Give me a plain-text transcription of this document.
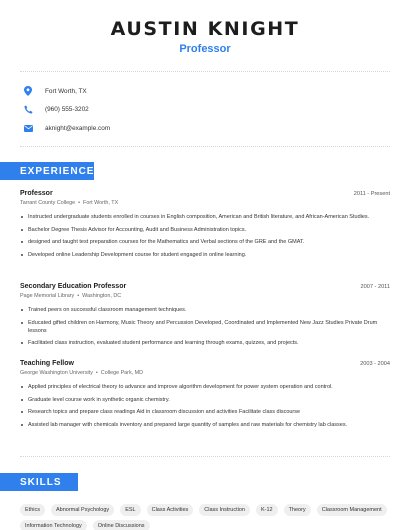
AUSTIN KNIGHT
Professor
Fort Worth, TX
(960) 555-3202
aknight@example.com
EXPERIENCE
Professor	2011 - Present
Tarrant County College • Fort Worth, TX
Instructed undergraduate students enrolled in courses in English composition, American and British literature, and African-American Studies.
Bachelor Degree Thesis Advisor for Accounting, Audit and Business Administration topics.
designed and taught test preparation courses for the Mathematics and Verbal sections of the GRE and the GMAT.
Developed online Leadership Development course for student engaged in online learning.
Secondary Education Professor	2007 - 2011
Page Memorial Library • Washington, DC
Trained peers on successful classroom management techniques.
Educated gifted children on Harmony, Music Theory and Percussion Developed, Coordinated and Implemented New Jazz Studies Private Drum lessons
Facilitated class instruction, evaluated student performance and learning through exams, quizzes, and projects.
Teaching Fellow	2003 - 2004
George Washington University • College Park, MD
Applied principles of electrical theory to advance and improve algorithm development for power system operation and control.
Graduate level course work in synthetic organic chemistry.
Research topics and prepare class readings Aid in classroom discussion and activities Facilitate class discourse
Assisted lab manager with chemicals inventory and prepared large quantity of samples and raw materials for chemistry lab classes.
SKILLS
Ethics	Abnormal Psychology	ESL	Class Activities	Class Instruction	K-12	Theory	Classroom Management
Information Technology	Online Discussions
